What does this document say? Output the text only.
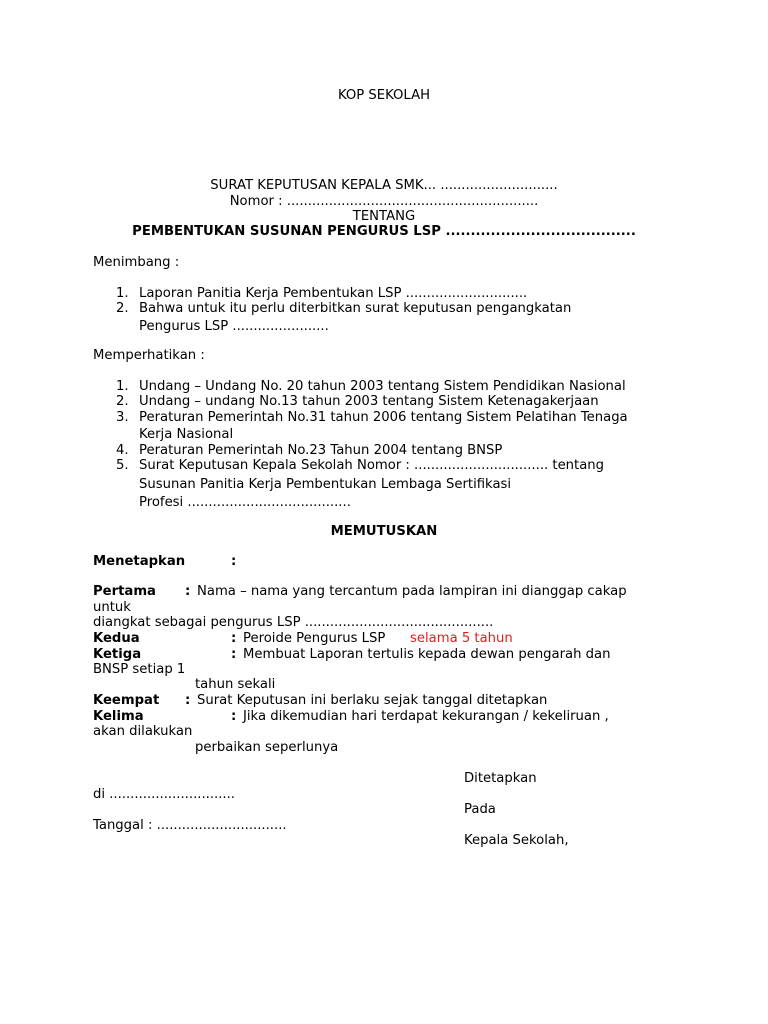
KOP SEKOLAH
SURAT KEPUTUSAN KEPALA SMK... ............................
Nomor : ............................................................
TENTANG
PEMBENTUKAN SUSUNAN PENGURUS LSP ......................................
Menimbang :
1. Laporan Panitia Kerja Pembentukan LSP .............................
2. Bahwa untuk itu perlu diterbitkan surat keputusan pengangkatan
Pengurus LSP .......................
Memperhatikan :
1. Undang – Undang No. 20 tahun 2003 tentang Sistem Pendidikan Nasional
2. Undang – undang No.13 tahun 2003 tentang Sistem Ketenagakerjaan
3. Peraturan Pemerintah No.31 tahun 2006 tentang Sistem Pelatihan Tenaga
Kerja Nasional
4. Peraturan Pemerintah No.23 Tahun 2004 tentang BNSP
5. Surat Keputusan Kepala Sekolah Nomor : ................................ tentang
Susunan Panitia Kerja Pembentukan Lembaga Sertifikasi
Profesi .......................................
MEMUTUSKAN
Menetapkan	:
Pertama : Nama – nama yang tercantum pada lampiran ini dianggap cakap
untuk
diangkat sebagai pengurus LSP .............................................
Kedua	: Peroide Pengurus LSP selama 5 tahun
Ketiga	: Membuat Laporan tertulis kepada dewan pengarah dan
BNSP setiap 1
tahun sekali
Keempat : Surat Keputusan ini berlaku sejak tanggal ditetapkan
Kelima	: Jika dikemudian hari terdapat kekurangan / kekeliruan ,
akan dilakukan
perbaikan seperlunya
Ditetapkan
di ..............................
Pada
Tanggal : ...............................
Kepala Sekolah,
